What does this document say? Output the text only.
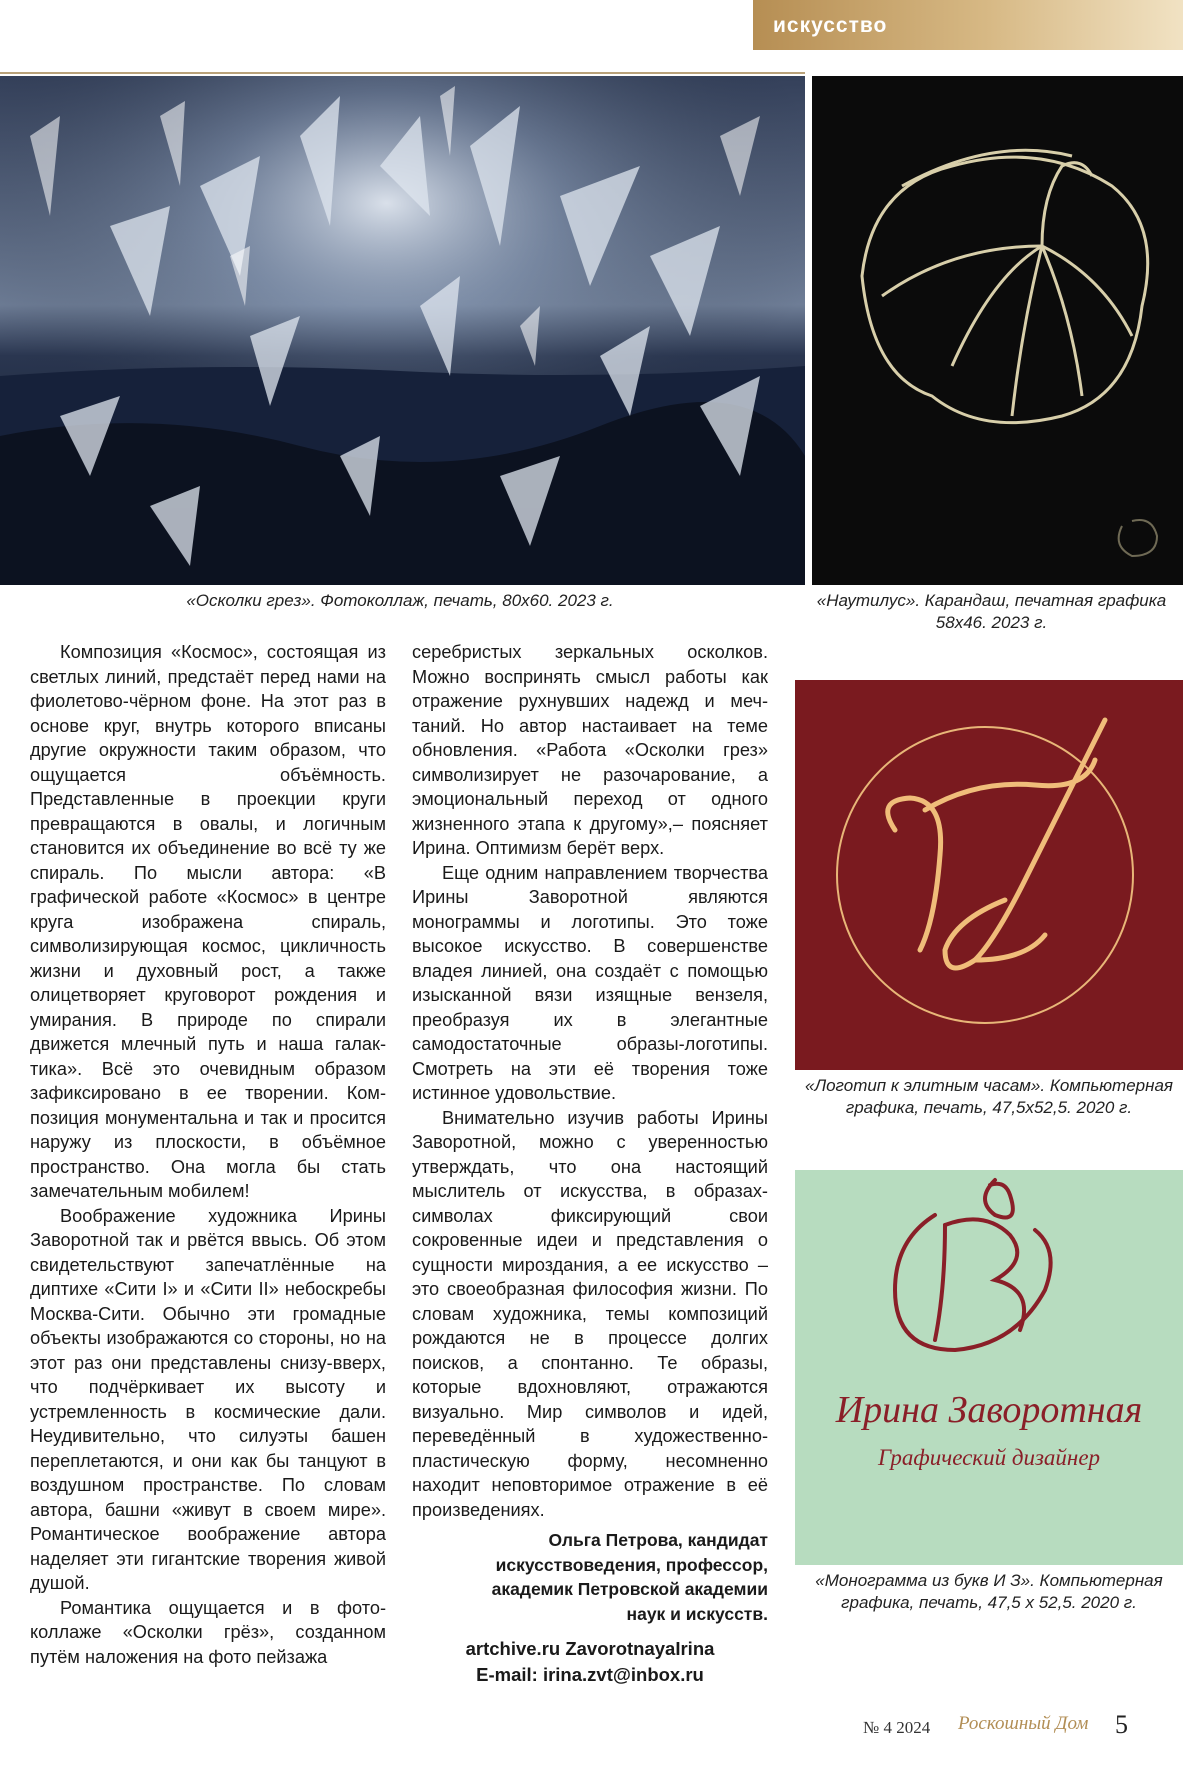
искусство
«Осколки грез». Фотоколлаж, печать, 80х60. 2023 г.	«Наутилус». Карандаш, печатная графика 58х46. 2023 г.
«Логотип к элитным часам». Компьютерная графика, печать, 47,5х52,5. 2020 г.
Ирина Заворотная
Графический дизайнер
«Монограмма из букв И З». Компьютерная графика, печать, 47,5 х 52,5. 2020 г.

Композиция «Космос», состоящая из светлых линий, предстаёт перед нами на фиолетово-чёрном фоне. На этот раз в основе круг, внутрь которого вписаны другие окружности таким образом, что ощущается объёмность. Представленные в проекции круги превращаются в овалы, и логичным становится их объединение во всё ту же спираль. По мысли автора: «В графической работе «Космос» в центре круга изображена спираль, символизирующая космос, цикличность жизни и духовный рост, а также олицетворяет круговорот рождения и умирания. В природе по спирали движется млечный путь и наша галактика». Всё это очевидным образом зафиксировано в ее творении. Композиция монументальна и так и просится наружу из плоскости, в объёмное пространство. Она могла бы стать замечательным мобилем!

Воображение художника Ирины Заворотной так и рвётся ввысь. Об этом свидетельствуют запечатлённые на диптихе «Сити I» и «Сити II» небоскребы Москва-Сити. Обычно эти громадные объекты изображаются со стороны, но на этот раз они представлены снизу-вверх, что подчёркивает их высоту и устремленность в космические дали. Неудивительно, что силуэты башен переплетаются, и они как бы танцуют в воздушном пространстве. По словам автора, башни «живут в своем мире». Романтическое воображение автора наделяет эти гигантские творения живой душой.

Романтика ощущается и в фотоколлаже «Осколки грёз», созданном путём наложения на фото пейзажа

серебристых зеркальных осколков. Можно воспринять смысл работы как отражение рухнувших надежд и мечтаний. Но автор настаивает на теме обновления. «Работа «Осколки грез» символизирует не разочарование, а эмоциональный переход от одного жизненного этапа к другому»,– поясняет Ирина. Оптимизм берёт верх.

Еще одним направлением творчества Ирины Заворотной являются монограммы и логотипы. Это тоже высокое искусство. В совершенстве владея линией, она создаёт с помощью изысканной вязи изящные вензеля, преобразуя их в элегантные самодостаточные образы-логотипы. Смотреть на эти её творения тоже истинное удовольствие.

Внимательно изучив работы Ирины Заворотной, можно с уверенностью утверждать, что она настоящий мыслитель от искусства, в образах-символах фиксирующий свои сокровенные идеи и представления о сущности мироздания, а ее искусство – это своеобразная философия жизни. По словам художника, темы композиций рождаются не в процессе долгих поисков, а спонтанно. Те образы, которые вдохновляют, отражаются визуально. Мир символов и идей, переведённый в художественно-пластическую форму, несомненно находит неповторимое отражение в её произведениях.

Ольга Петрова, кандидат
искусствоведения, профессор,
академик Петровской академии
наук и искусств.
artchive.ru ZavorotnayaIrina
E-mail: irina.zvt@inbox.ru
№ 4 2024 Роскошный Дом 5
